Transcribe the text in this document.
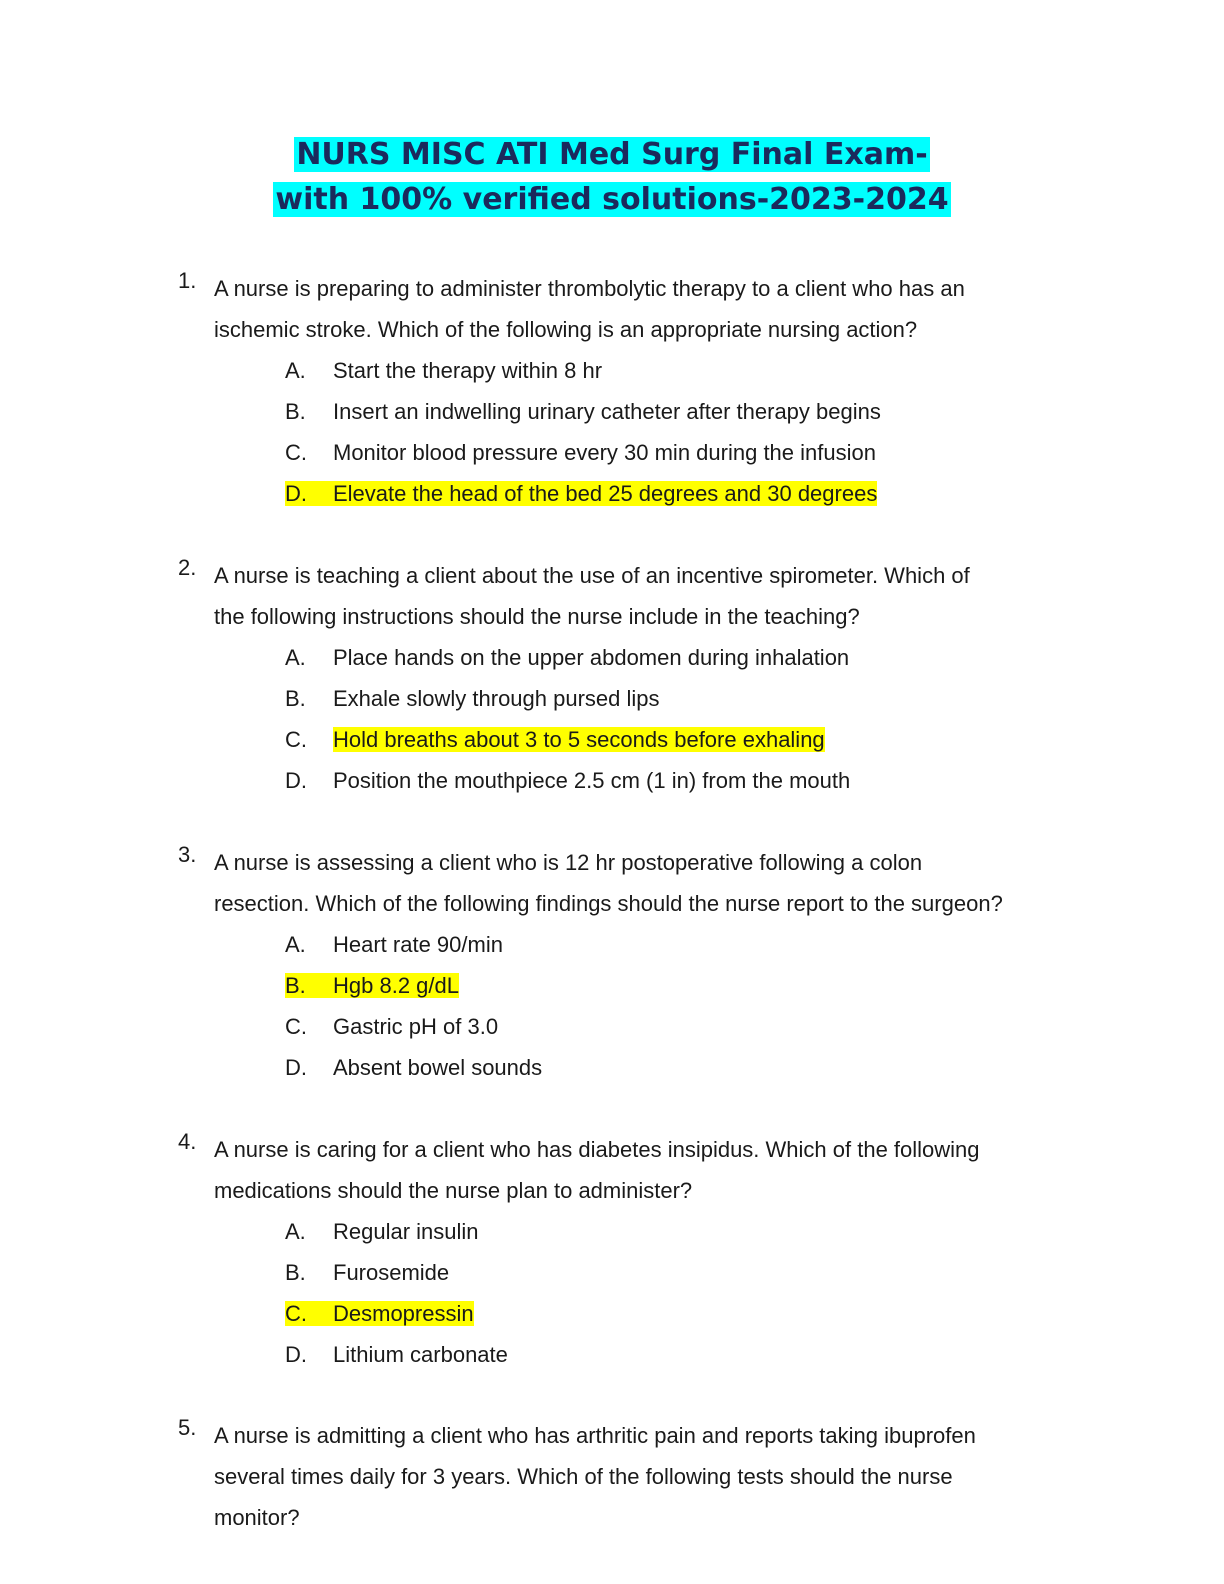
NURS MISC ATI Med Surg Final Exam-
with 100% verified solutions-2023-2024
1. A nurse is preparing to administer thrombolytic therapy to a client who has an
ischemic stroke. Which of the following is an appropriate nursing action?
A. Start the therapy within 8 hr
B. Insert an indwelling urinary catheter after therapy begins
C. Monitor blood pressure every 30 min during the infusion
D. Elevate the head of the bed 25 degrees and 30 degrees
2. A nurse is teaching a client about the use of an incentive spirometer. Which of
the following instructions should the nurse include in the teaching?
A. Place hands on the upper abdomen during inhalation
B. Exhale slowly through pursed lips
C. Hold breaths about 3 to 5 seconds before exhaling
D. Position the mouthpiece 2.5 cm (1 in) from the mouth
3. A nurse is assessing a client who is 12 hr postoperative following a colon
resection. Which of the following findings should the nurse report to the surgeon?
A. Heart rate 90/min
B. Hgb 8.2 g/dL
C. Gastric pH of 3.0
D. Absent bowel sounds
4. A nurse is caring for a client who has diabetes insipidus. Which of the following
medications should the nurse plan to administer?
A. Regular insulin
B. Furosemide
C. Desmopressin
D. Lithium carbonate
5. A nurse is admitting a client who has arthritic pain and reports taking ibuprofen
several times daily for 3 years. Which of the following tests should the nurse
monitor?
